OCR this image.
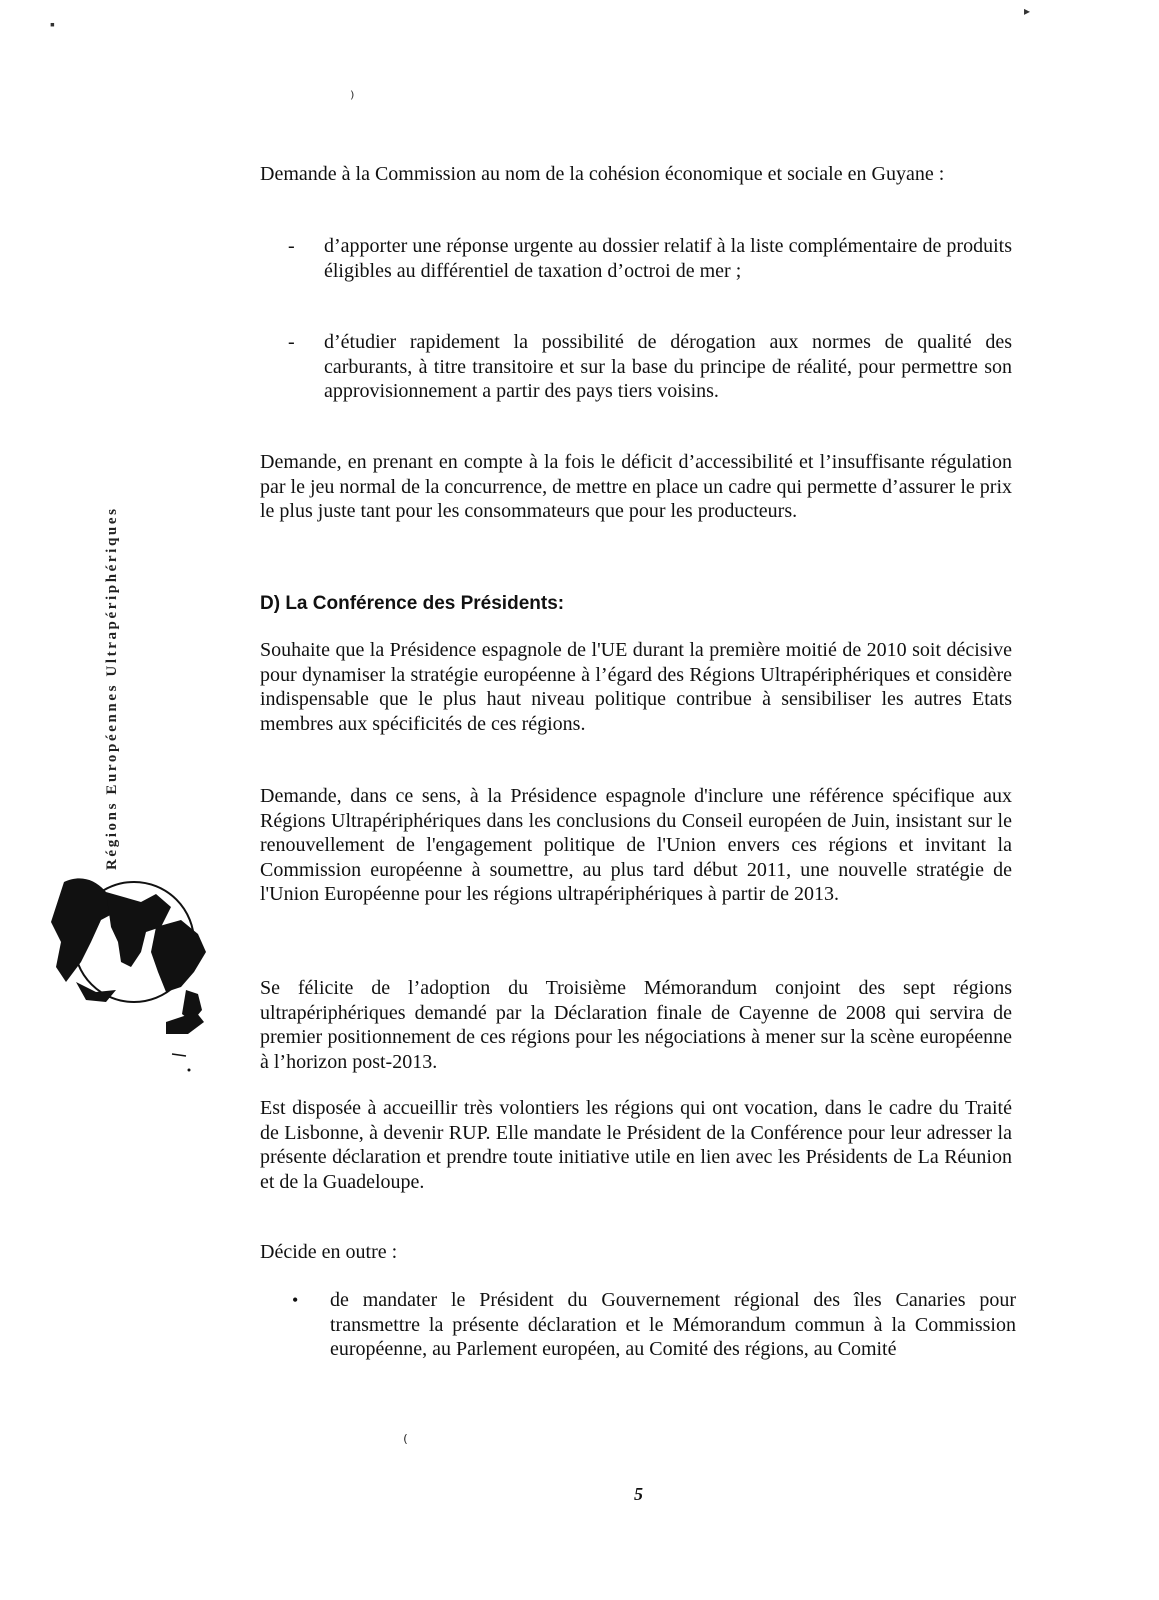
▪
▸
⁾
⁽
Régions Européennes Ultrapériphériques

Demande à la Commission au nom de la cohésion économique et sociale en Guyane :

- d’apporter une réponse urgente au dossier relatif à la liste complémentaire de produits éligibles au différentiel de taxation d’octroi de mer ;
- d’étudier rapidement la possibilité de dérogation aux normes de qualité des carburants, à titre transitoire et sur la base du principe de réalité, pour permettre son approvisionnement a partir des pays tiers voisins.

Demande, en prenant en compte à la fois le déficit d’accessibilité et l’insuffisante régulation par le jeu normal de la concurrence, de mettre en place un cadre qui permette d’assurer le prix le plus juste tant pour les consommateurs que pour les producteurs.

D) La Conférence des Présidents:

Souhaite que la Présidence espagnole de l'UE durant la première moitié de 2010 soit décisive pour dynamiser la stratégie européenne à l’égard des Régions Ultrapériphériques et considère indispensable que le plus haut niveau politique contribue à sensibiliser les autres Etats membres aux spécificités de ces régions.

Demande, dans ce sens, à la Présidence espagnole d'inclure une référence spécifique aux Régions Ultrapériphériques dans les conclusions du Conseil européen de Juin, insistant sur le renouvellement de l'engagement politique de l'Union envers ces régions et invitant la Commission européenne à soumettre, au plus tard début 2011, une nouvelle stratégie de l'Union Européenne pour les régions ultrapériphériques à partir de 2013.

Se félicite de l’adoption du Troisième Mémorandum conjoint des sept régions ultrapériphériques demandé par la Déclaration finale de Cayenne de 2008 qui servira de premier positionnement de ces régions pour les négociations à mener sur la scène européenne à l’horizon post-2013.

Est disposée à accueillir très volontiers les régions qui ont vocation, dans le cadre du Traité de Lisbonne, à devenir RUP. Elle mandate le Président de la Conférence pour leur adresser la présente déclaration et prendre toute initiative utile en lien avec les Présidents de La Réunion et de la Guadeloupe.

Décide en outre :

• de mandater le Président du Gouvernement régional des îles Canaries pour transmettre la présente déclaration et le Mémorandum commun à la Commission européenne, au Parlement européen, au Comité des régions, au Comité
5
